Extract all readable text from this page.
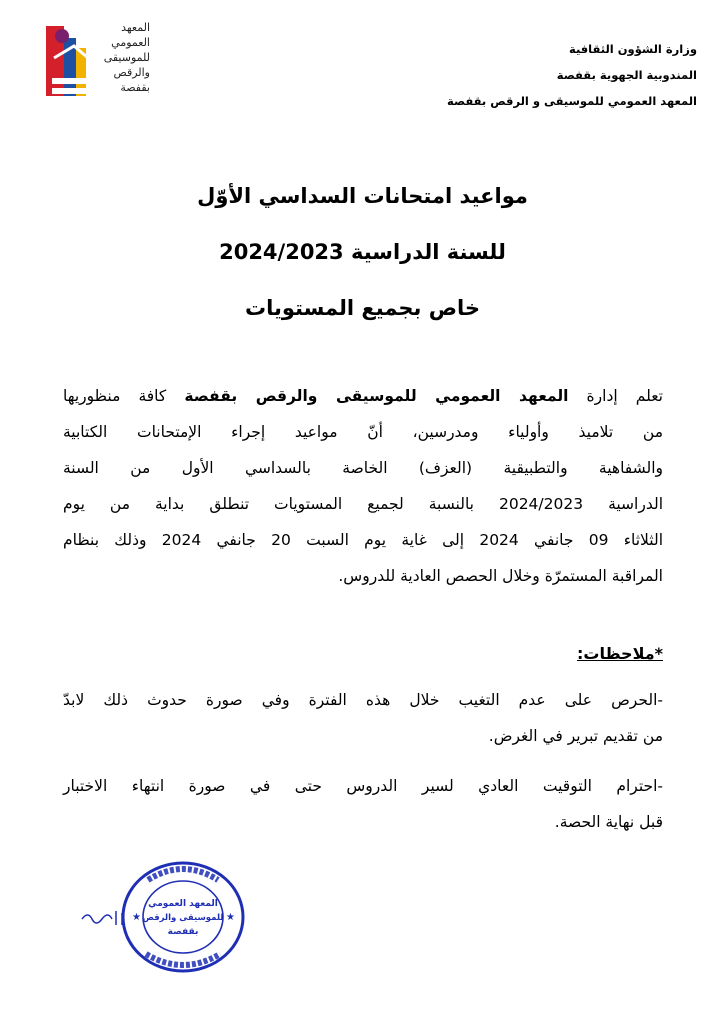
وزارة الشؤون الثقافية
المندوبية الجهوية بقفصة
المعهد العمومي للموسيقى و الرقص بقفصة
المعهد
العمومي
للموسيقى
والرقص
بقفصة
مواعيد امتحانات السداسي الأوّل
للسنة الدراسية 2024/2023
خاص بجميع المستويات
تعلم إدارة المعهد العمومي للموسيقى والرقص بقفصة كافة منظوريها
من تلاميذ وأولياء ومدرسين، أنّ مواعيد إجراء الإمتحانات الكتابية
والشفاهية والتطبيقية (العزف) الخاصة بالسداسي الأول من السنة
الدراسية 2024/2023 بالنسبة لجميع المستويات تنطلق بداية من يوم
الثلاثاء 09 جانفي 2024 إلى غاية يوم السبت 20 جانفي 2024 وذلك بنظام
المراقبة المستمرّة وخلال الحصص العادية للدروس.
*ملاحظات:
-الحرص على عدم التغيب خلال هذه الفترة وفي صورة حدوث ذلك لابدّ
من تقديم تبرير في الغرض.
-احترام التوقيت العادي لسير الدروس حتى في صورة انتهاء الاختبار
قبل نهاية الحصة.
المعهد العمومي
للموسيقى والرقص
بقفصة
★	★
